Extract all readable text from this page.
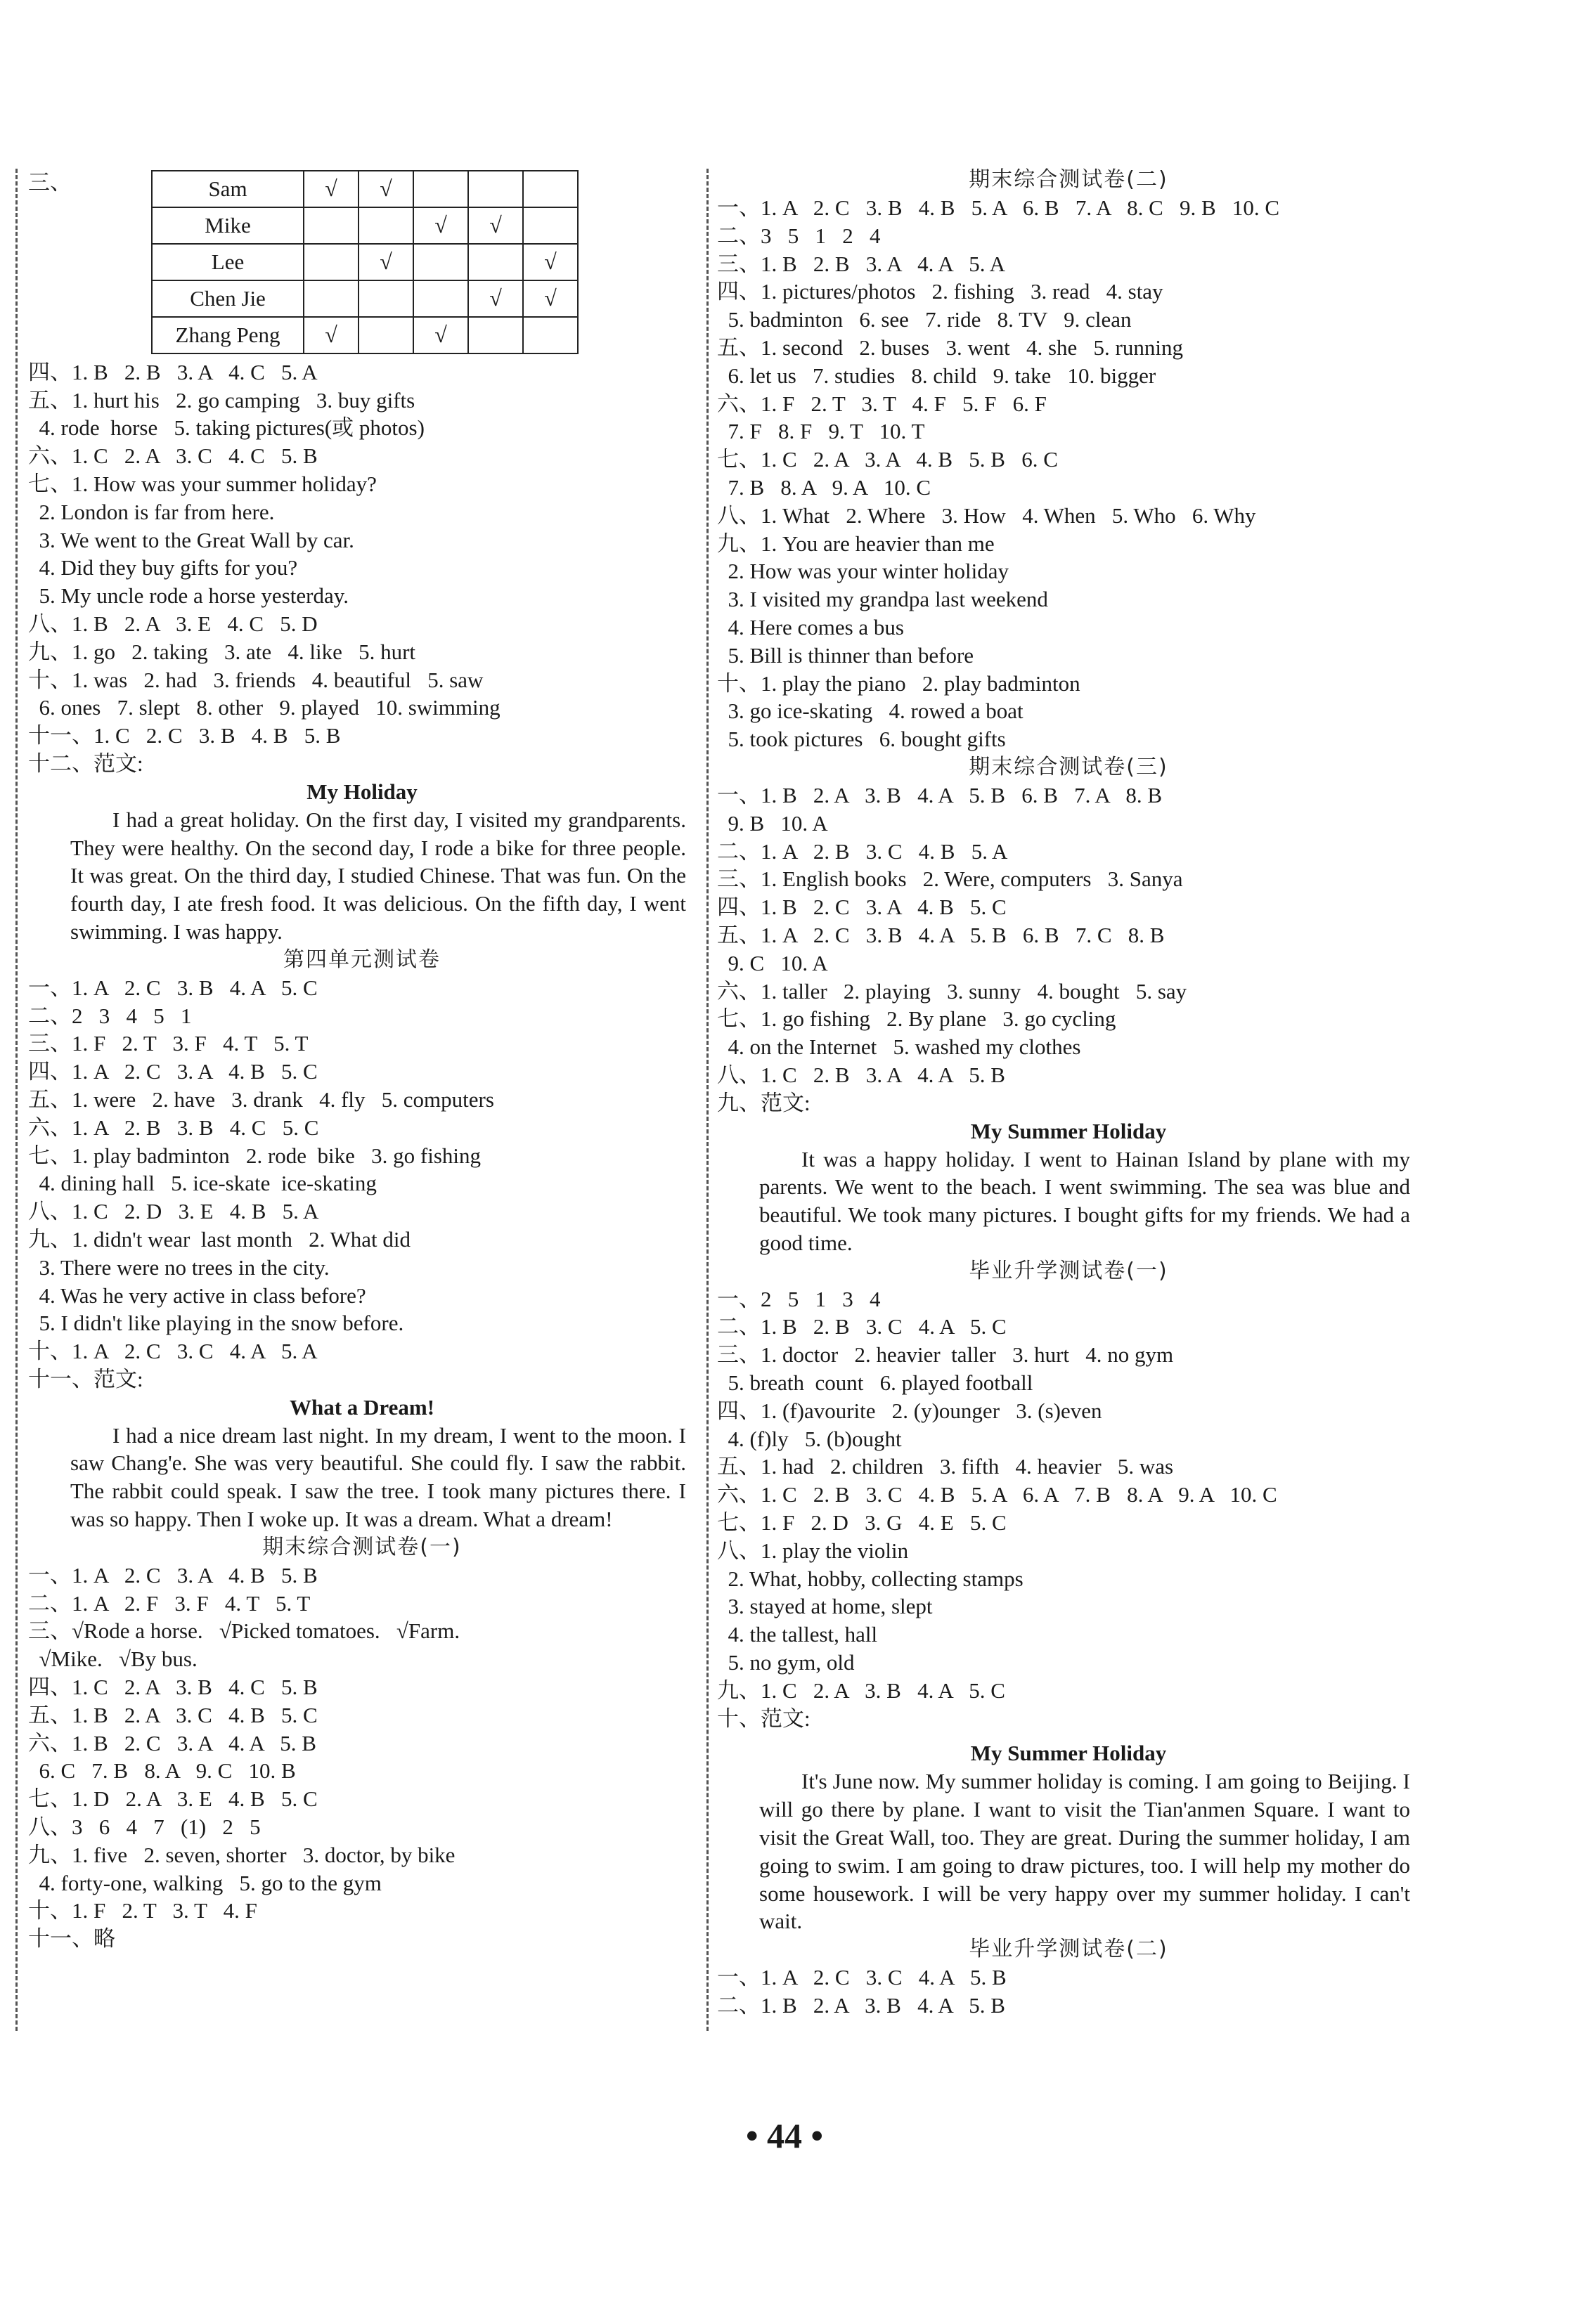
三、	Sam	√	√			
Mike			√	√	
Lee		√			√
Chen Jie				√	√
Zhang Peng	√		√		
四、1. B   2. B   3. A   4. C   5. A
五、1. hurt his   2. go camping   3. buy gifts
4. rode  horse   5. taking pictures(或 photos)
六、1. C   2. A   3. C   4. C   5. B
七、1. How was your summer holiday?
2. London is far from here.
3. We went to the Great Wall by car.
4. Did they buy gifts for you?
5. My uncle rode a horse yesterday.
八、1. B   2. A   3. E   4. C   5. D
九、1. go   2. taking   3. ate   4. like   5. hurt
十、1. was   2. had   3. friends   4. beautiful   5. saw
6. ones   7. slept   8. other   9. played   10. swimming
十一、1. C   2. C   3. B   4. B   5. B
十二、范文:
My Holiday
I had a great holiday. On the first day, I visited my grandparents. They were healthy. On the second day, I rode a bike for three people. It was great. On the third day, I studied Chinese. That was fun. On the fourth day, I ate fresh food. It was delicious. On the fifth day, I went swimming. I was happy.
第四单元测试卷
一、1. A   2. C   3. B   4. A   5. C
二、2   3   4   5   1
三、1. F   2. T   3. F   4. T   5. T
四、1. A   2. C   3. A   4. B   5. C
五、1. were   2. have   3. drank   4. fly   5. computers
六、1. A   2. B   3. B   4. C   5. C
七、1. play badminton   2. rode  bike   3. go fishing
4. dining hall   5. ice-skate  ice-skating
八、1. C   2. D   3. E   4. B   5. A
九、1. didn't wear  last month   2. What did
3. There were no trees in the city.
4. Was he very active in class before?
5. I didn't like playing in the snow before.
十、1. A   2. C   3. C   4. A   5. A
十一、范文:
What a Dream!
I had a nice dream last night. In my dream, I went to the moon. I saw Chang'e. She was very beautiful. She could fly. I saw the rabbit. The rabbit could speak. I saw the tree. I took many pictures there. I was so happy. Then I woke up. It was a dream. What a dream!
期末综合测试卷(一)
一、1. A   2. C   3. A   4. B   5. B
二、1. A   2. F   3. F   4. T   5. T
三、√Rode a horse.   √Picked tomatoes.   √Farm.
√Mike.   √By bus.
四、1. C   2. A   3. B   4. C   5. B
五、1. B   2. A   3. C   4. B   5. C
六、1. B   2. C   3. A   4. A   5. B
6. C   7. B   8. A   9. C   10. B
七、1. D   2. A   3. E   4. B   5. C
八、3   6   4   7   (1)   2   5
九、1. five   2. seven, shorter   3. doctor, by bike
4. forty-one, walking   5. go to the gym
十、1. F   2. T   3. T   4. F
十一、略
期末综合测试卷(二)
一、1. A   2. C   3. B   4. B   5. A   6. B   7. A   8. C   9. B   10. C
二、3   5   1   2   4
三、1. B   2. B   3. A   4. A   5. A
四、1. pictures/photos   2. fishing   3. read   4. stay
5. badminton   6. see   7. ride   8. TV   9. clean
五、1. second   2. buses   3. went   4. she   5. running
6. let us   7. studies   8. child   9. take   10. bigger
六、1. F   2. T   3. T   4. F   5. F   6. F
7. F   8. F   9. T   10. T
七、1. C   2. A   3. A   4. B   5. B   6. C
7. B   8. A   9. A   10. C
八、1. What   2. Where   3. How   4. When   5. Who   6. Why
九、1. You are heavier than me
2. How was your winter holiday
3. I visited my grandpa last weekend
4. Here comes a bus
5. Bill is thinner than before
十、1. play the piano   2. play badminton
3. go ice-skating   4. rowed a boat
5. took pictures   6. bought gifts
期末综合测试卷(三)
一、1. B   2. A   3. B   4. A   5. B   6. B   7. A   8. B
9. B   10. A
二、1. A   2. B   3. C   4. B   5. A
三、1. English books   2. Were, computers   3. Sanya
四、1. B   2. C   3. A   4. B   5. C
五、1. A   2. C   3. B   4. A   5. B   6. B   7. C   8. B
9. C   10. A
六、1. taller   2. playing   3. sunny   4. bought   5. say
七、1. go fishing   2. By plane   3. go cycling
4. on the Internet   5. washed my clothes
八、1. C   2. B   3. A   4. A   5. B
九、范文:
My Summer Holiday
It was a happy holiday. I went to Hainan Island by plane with my parents. We went to the beach. I went swimming. The sea was blue and beautiful. We took many pictures. I bought gifts for my friends. We had a good time.
毕业升学测试卷(一)
一、2   5   1   3   4
二、1. B   2. B   3. C   4. A   5. C
三、1. doctor   2. heavier  taller   3. hurt   4. no gym
5. breath  count   6. played football
四、1. (f)avourite   2. (y)ounger   3. (s)even
4. (f)ly   5. (b)ought
五、1. had   2. children   3. fifth   4. heavier   5. was
六、1. C   2. B   3. C   4. B   5. A   6. A   7. B   8. A   9. A   10. C
七、1. F   2. D   3. G   4. E   5. C
八、1. play the violin
2. What, hobby, collecting stamps
3. stayed at home, slept
4. the tallest, hall
5. no gym, old
九、1. C   2. A   3. B   4. A   5. C
十、范文:
My Summer Holiday
It's June now. My summer holiday is coming. I am going to Beijing. I will go there by plane. I want to visit the Tian'anmen Square. I want to visit the Great Wall, too. They are great. During the summer holiday, I am going to swim. I am going to draw pictures, too. I will help my mother do some housework. I will be very happy over my summer holiday. I can't wait.
毕业升学测试卷(二)
一、1. A   2. C   3. C   4. A   5. B
二、1. B   2. A   3. B   4. A   5. B
• 44 •
